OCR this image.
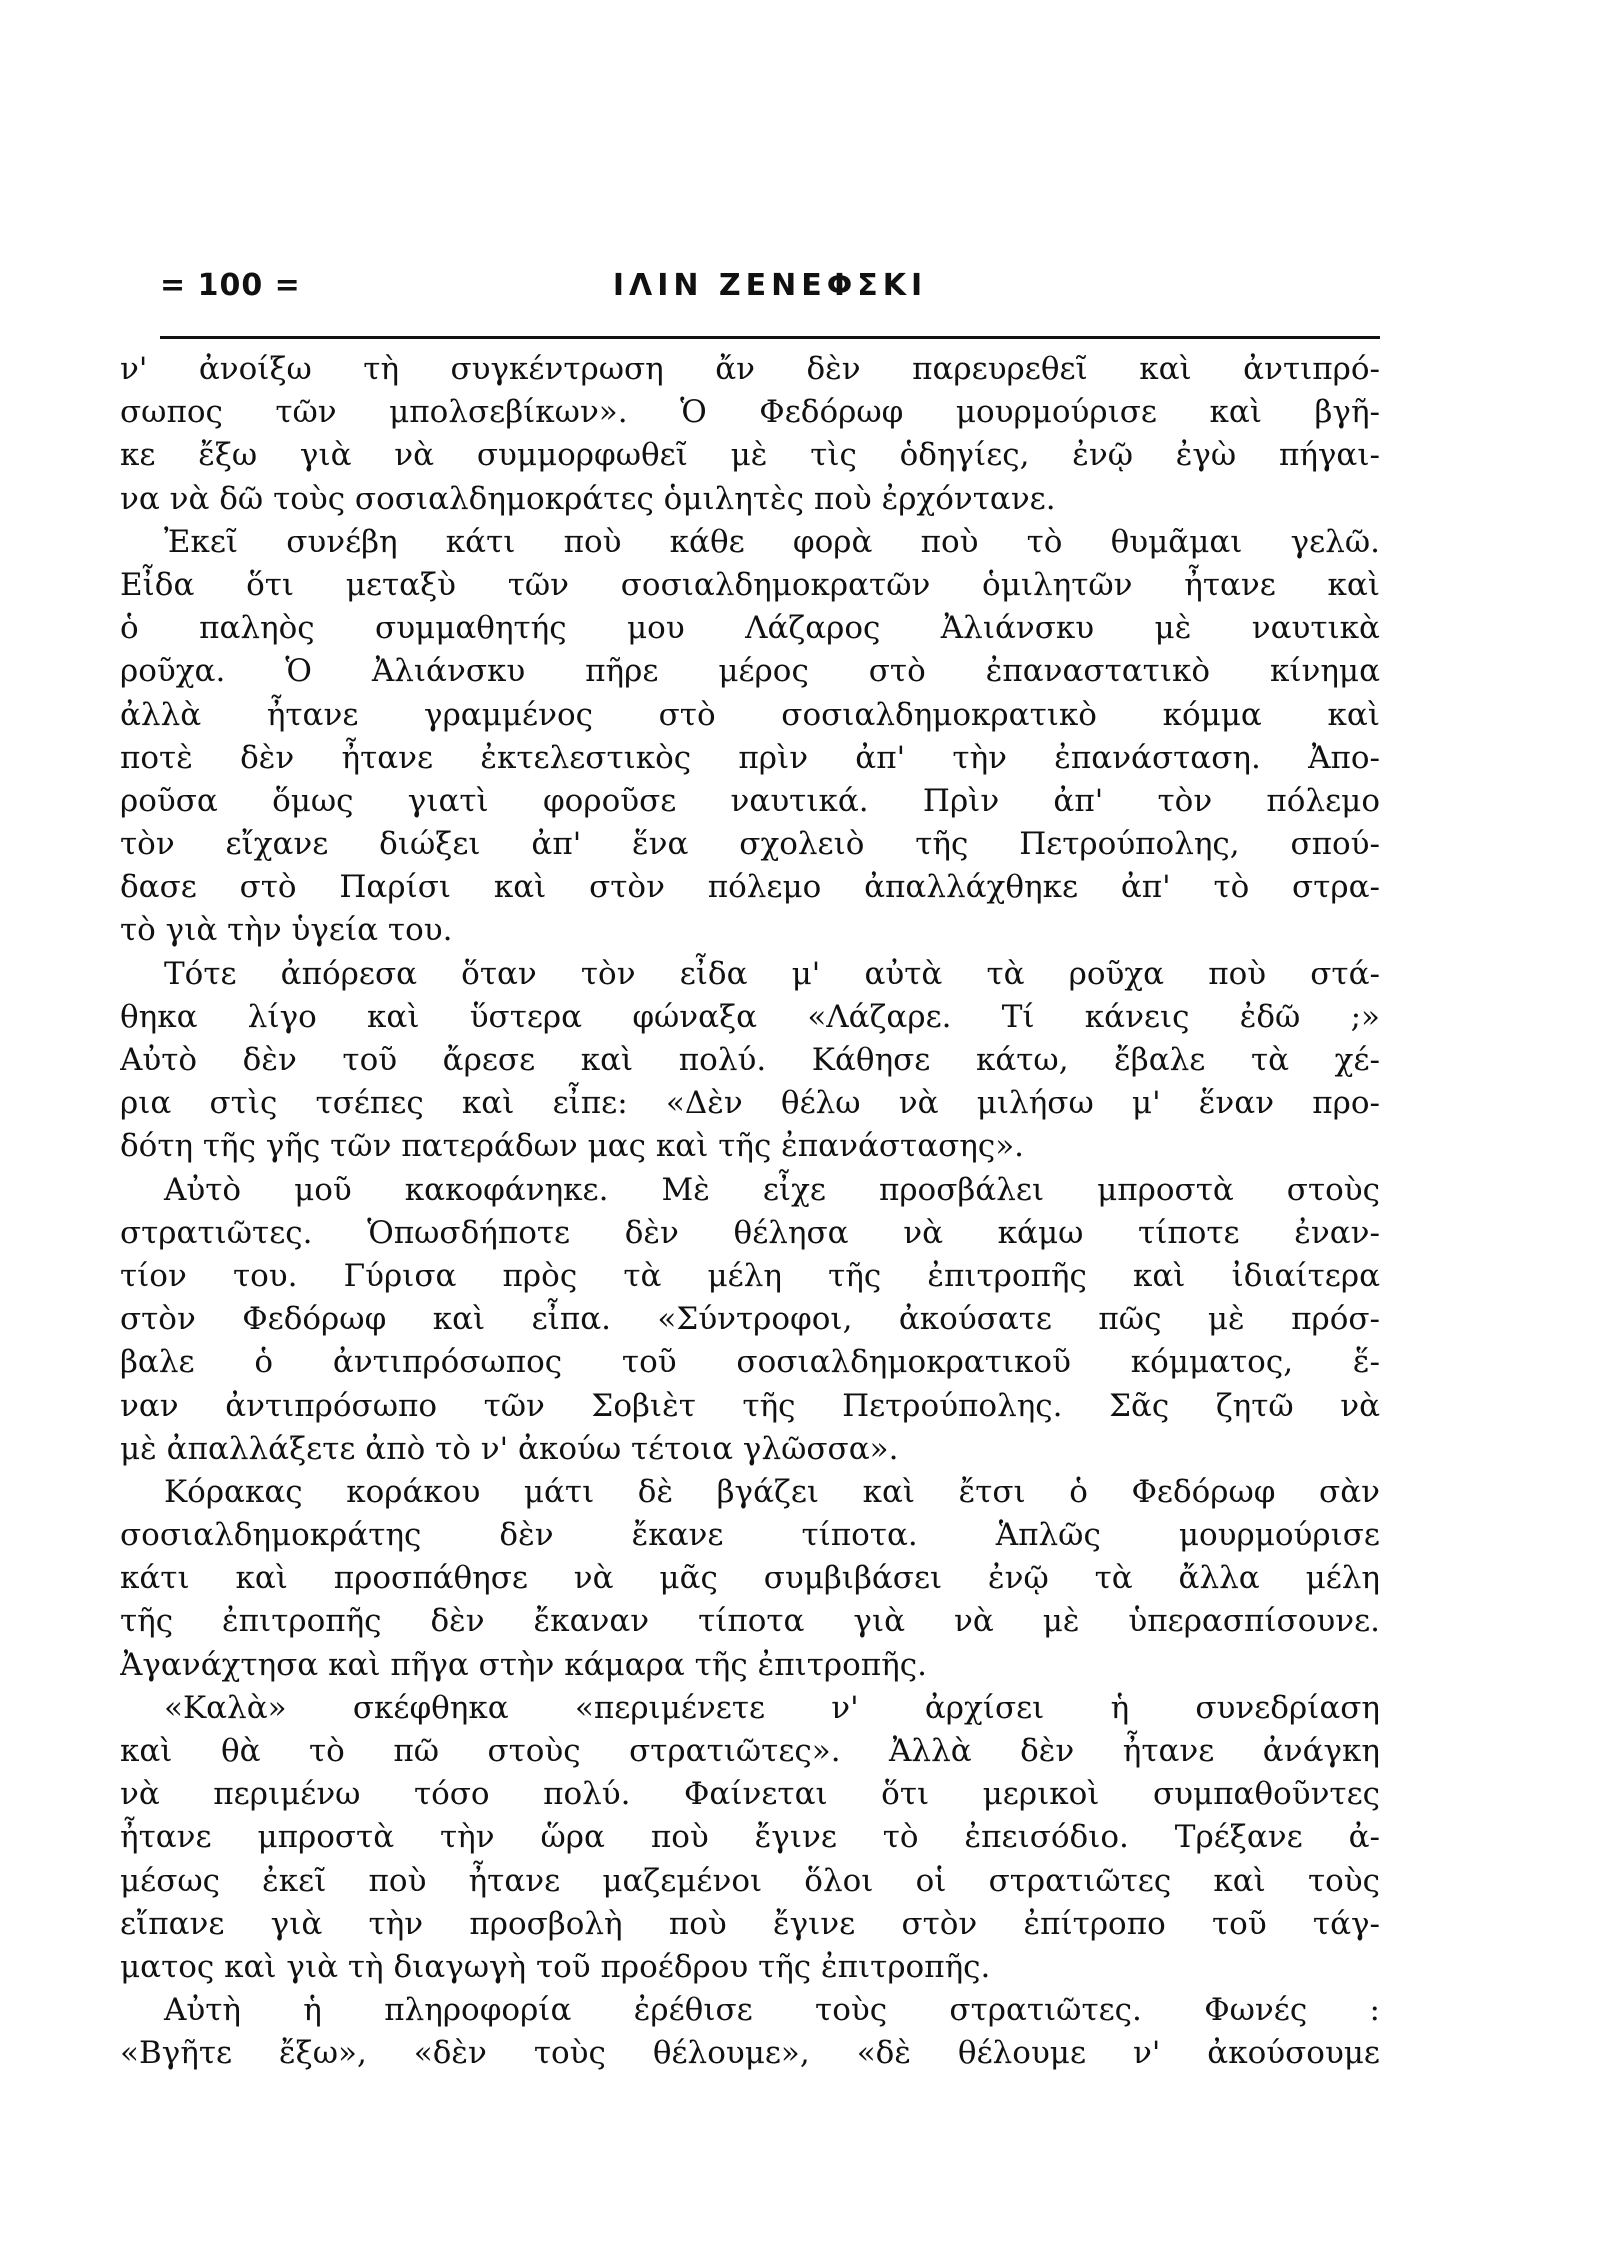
= 100 =	ΙΛΙΝ ΖΕΝΕΦΣΚΙ
ν' ἀνοίξω τὴ συγκέντρωση ἄν δὲν παρευρεθεῖ καὶ ἀντιπρό-
σωπος τῶν μπολσεβίκων». Ὁ Φεδόρωφ μουρμούρισε καὶ βγῆ-
κε ἔξω γιὰ νὰ συμμορφωθεῖ μὲ τὶς ὁδηγίες, ἐνῷ ἐγὼ πήγαι-
να νὰ δῶ τοὺς σοσιαλδημοκράτες ὁμιλητὲς ποὺ ἐρχόντανε.
Ἐκεῖ συνέβη κάτι ποὺ κάθε φορὰ ποὺ τὸ θυμᾶμαι γελῶ.
Εἶδα ὅτι μεταξὺ τῶν σοσιαλδημοκρατῶν ὁμιλητῶν ἦτανε καὶ
ὁ παληὸς συμμαθητής μου Λάζαρος Ἀλιάνσκυ μὲ ναυτικὰ
ροῦχα. Ὁ Ἀλιάνσκυ πῆρε μέρος στὸ ἐπαναστατικὸ κίνημα
ἀλλὰ ἦτανε γραμμένος στὸ σοσιαλδημοκρατικὸ κόμμα καὶ
ποτὲ δὲν ἦτανε ἐκτελεστικὸς πρὶν ἀπ' τὴν ἐπανάσταση. Ἀπο-
ροῦσα ὅμως γιατὶ φοροῦσε ναυτικά. Πρὶν ἀπ' τὸν πόλεμο
τὸν εἴχανε διώξει ἀπ' ἕνα σχολειὸ τῆς Πετρούπολης, σπού-
δασε στὸ Παρίσι καὶ στὸν πόλεμο ἀπαλλάχθηκε ἀπ' τὸ στρα-
τὸ γιὰ τὴν ὑγεία του.
Τότε ἀπόρεσα ὅταν τὸν εἶδα μ' αὐτὰ τὰ ροῦχα ποὺ στά-
θηκα λίγο καὶ ὕστερα φώναξα «Λάζαρε. Τί κάνεις ἐδῶ ;»
Αὐτὸ δὲν τοῦ ἄρεσε καὶ πολύ. Κάθησε κάτω, ἔβαλε τὰ χέ-
ρια στὶς τσέπες καὶ εἶπε: «Δὲν θέλω νὰ μιλήσω μ' ἕναν προ-
δότη τῆς γῆς τῶν πατεράδων μας καὶ τῆς ἐπανάστασης».
Αὐτὸ μοῦ κακοφάνηκε. Μὲ εἶχε προσβάλει μπροστὰ στοὺς
στρατιῶτες. Ὁπωσδήποτε δὲν θέλησα νὰ κάμω τίποτε ἐναν-
τίον του. Γύρισα πρὸς τὰ μέλη τῆς ἐπιτροπῆς καὶ ἰδιαίτερα
στὸν Φεδόρωφ καὶ εἶπα. «Σύντροφοι, ἀκούσατε πῶς μὲ πρόσ-
βαλε ὁ ἀντιπρόσωπος τοῦ σοσιαλδημοκρατικοῦ κόμματος, ἕ-
ναν ἀντιπρόσωπο τῶν Σοβιὲτ τῆς Πετρούπολης. Σᾶς ζητῶ νὰ
μὲ ἀπαλλάξετε ἀπὸ τὸ ν' ἀκούω τέτοια γλῶσσα».
Κόρακας κοράκου μάτι δὲ βγάζει καὶ ἔτσι ὁ Φεδόρωφ σὰν
σοσιαλδημοκράτης δὲν ἔκανε τίποτα. Ἁπλῶς μουρμούρισε
κάτι καὶ προσπάθησε νὰ μᾶς συμβιβάσει ἐνῷ τὰ ἄλλα μέλη
τῆς ἐπιτροπῆς δὲν ἔκαναν τίποτα γιὰ νὰ μὲ ὑπερασπίσουνε.
Ἀγανάχτησα καὶ πῆγα στὴν κάμαρα τῆς ἐπιτροπῆς.
«Καλὰ» σκέφθηκα «περιμένετε ν' ἀρχίσει ἡ συνεδρίαση
καὶ θὰ τὸ πῶ στοὺς στρατιῶτες». Ἀλλὰ δὲν ἦτανε ἀνάγκη
νὰ περιμένω τόσο πολύ. Φαίνεται ὅτι μερικοὶ συμπαθοῦντες
ἦτανε μπροστὰ τὴν ὥρα ποὺ ἔγινε τὸ ἐπεισόδιο. Τρέξανε ἀ-
μέσως ἐκεῖ ποὺ ἦτανε μαζεμένοι ὅλοι οἱ στρατιῶτες καὶ τοὺς
εἴπανε γιὰ τὴν προσβολὴ ποὺ ἔγινε στὸν ἐπίτροπο τοῦ τάγ-
ματος καὶ γιὰ τὴ διαγωγὴ τοῦ προέδρου τῆς ἐπιτροπῆς.
Αὐτὴ ἡ πληροφορία ἐρέθισε τοὺς στρατιῶτες. Φωνές :
«Βγῆτε ἔξω», «δὲν τοὺς θέλουμε», «δὲ θέλουμε ν' ἀκούσουμε
